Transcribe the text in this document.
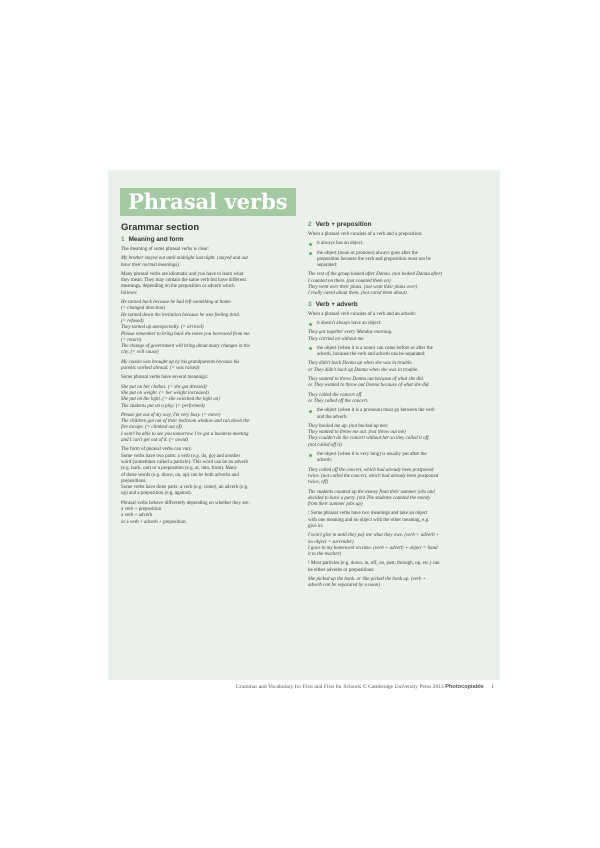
Phrasal verbs
Grammar section
1 Meaning and form
The meaning of some phrasal verbs is clear:
My brother stayed out until midnight last night. (stayed and out
have their normal meanings)
Many phrasal verbs are idiomatic and you have to learn what
they mean. They may contain the same verb but have different
meanings, depending on the preposition or adverb which
follows:
He turned back because he had left something at home.
(= changed direction)
He turned down the invitation because he was feeling tired.
(= refused)
They turned up unexpectedly. (= arrived)
Please remember to bring back the notes you borrowed from me.
(= return)
The change of government will bring about many changes in the
city. (= will cause)
My cousin was brought up by his grandparents because his
parents worked abroad. (= was raised)
Some phrasal verbs have several meanings:
She put on her clothes. (= she got dressed)
She put on weight. (= her weight increased)
She put on the light. (= she switched the light on)
The students put on a play. (= performed)
Please get out of my way, I'm very busy. (= move)
The children got out of their bedroom window and ran down the
fire escape. (= climbed out of)
I won't be able to see you tomorrow. I've got a business meeting
and I can't get out of it. (= avoid)
The form of phrasal verbs can vary.
Some verbs have two parts: a verb (e.g. do, go) and another
word (sometimes called a particle). This word can be an adverb
(e.g. back, out) or a preposition (e.g. at, into, from). Many
of these words (e.g. down, on, up) can be both adverbs and
prepositions.
Some verbs have three parts: a verb (e.g. come), an adverb (e.g.
up) and a preposition (e.g. against).
Phrasal verbs behave differently depending on whether they are:
a verb + preposition
a verb + adverb
or a verb + adverb + preposition.
2 Verb + preposition
When a phrasal verb consists of a verb and a preposition:
it always has an object.
the object (noun or pronoun) always goes after the
preposition because the verb and preposition must not be
separated:
The rest of the group looked after Donna. (not looked Donna after)
I counted on them. (not counted them on)
They went over their plans. (not went their plans over)
I really cared about them. (not cared them about)
3 Verb + adverb
When a phrasal verb consists of a verb and an adverb:
it doesn't always have an object:
They got together every Monday morning.
They carried on without me.
the object (when it is a noun) can come before or after the
adverb, because the verb and adverb can be separated:
They didn't back Donna up when she was in trouble.
or They didn't back up Donna when she was in trouble.
They wanted to throw Donna out because of what she did.
or They wanted to throw out Donna because of what she did.
They called the concert off.
or They called off the concert.
the object (when it is a pronoun) must go between the verb
and the adverb:
They backed me up. (not backed up me)
They wanted to throw me out. (not throw out me)
They couldn't do the concert without her so they called it off.
(not called off it)
the object (when it is very long) is usually put after the
adverb:
They called off the concert, which had already been postponed
twice. (not called the concert, which had already been postponed
twice, off)
The students counted up the money from their summer jobs and
decided to have a party. (not The students counted the money
from their summer jobs up)
! Some phrasal verbs have two meanings and take an object
with one meaning and no object with the other meaning, e.g.
give in:
I won't give in until they pay me what they owe. (verb + adverb +
no object = surrender)
I gave in my homework on time. (verb + adverb + object = hand
it to the teacher)
! Most particles (e.g. down, in, off, on, past, through, up, etc.) can
be either adverbs or prepositions:
She picked up the book. or She picked the book up. (verb +
adverb can be separated by a noun)
Grammar and Vocabulary for First and First for Schools © Cambridge University Press 2015 Photocopiable 1
